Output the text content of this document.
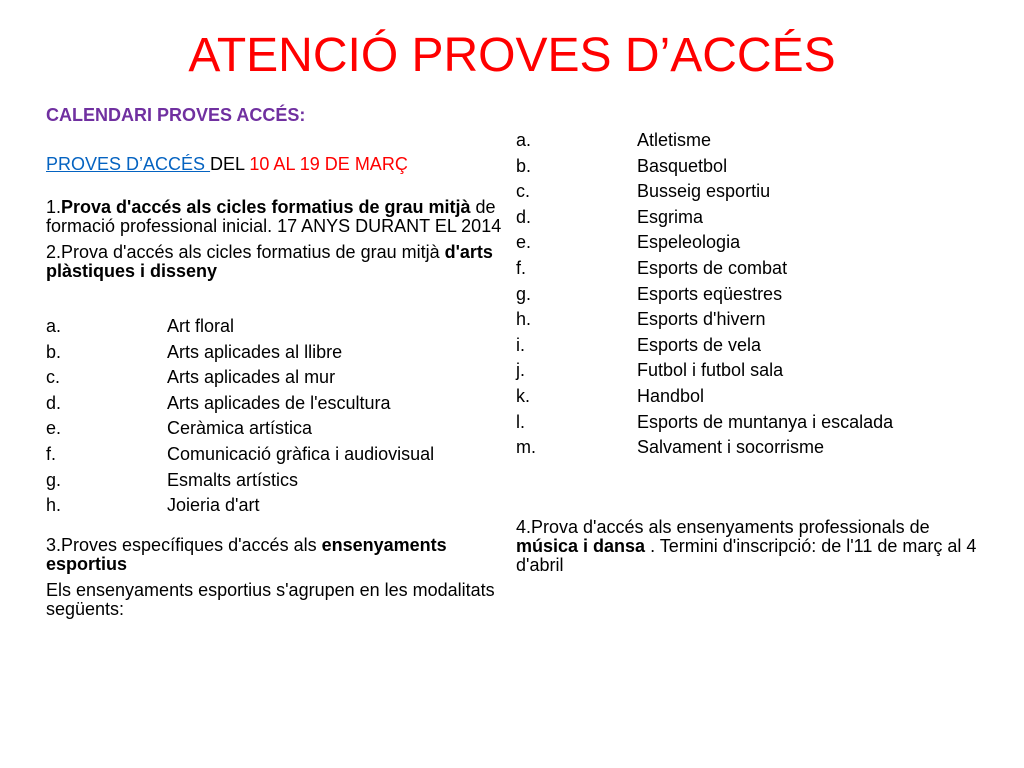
ATENCIÓ PROVES D’ACCÉS

CALENDARI PROVES ACCÉS:

PROVES D’ACCÉS DEL 10 AL 19 DE MARÇ

1.Prova d'accés als cicles formatius de grau mitjà de formació professional inicial. 17 ANYS DURANT EL 2014

2.Prova d'accés als cicles formatius de grau mitjà d'arts plàstiques i disseny

a.	Art floral
b.	Arts aplicades al llibre
c.	Arts aplicades al mur
d.	Arts aplicades de l'escultura
e.	Ceràmica artística
f.	Comunicació gràfica i audiovisual
g.	Esmalts artístics
h.	Joieria d'art

3.Proves específiques d'accés als ensenyaments esportius

Els ensenyaments esportius s'agrupen en les modalitats següents:

a.	Atletisme
b.	Basquetbol
c.	Busseig esportiu
d.	Esgrima
e.	Espeleologia
f.	Esports de combat
g.	Esports eqüestres
h.	Esports d'hivern
i.	Esports de vela
j.	Futbol i futbol sala
k.	Handbol
l.	Esports de muntanya i escalada
m.	Salvament i socorrisme

4.Prova d'accés als ensenyaments professionals de música i dansa . Termini d'inscripció: de l'11 de març al 4 d'abril
